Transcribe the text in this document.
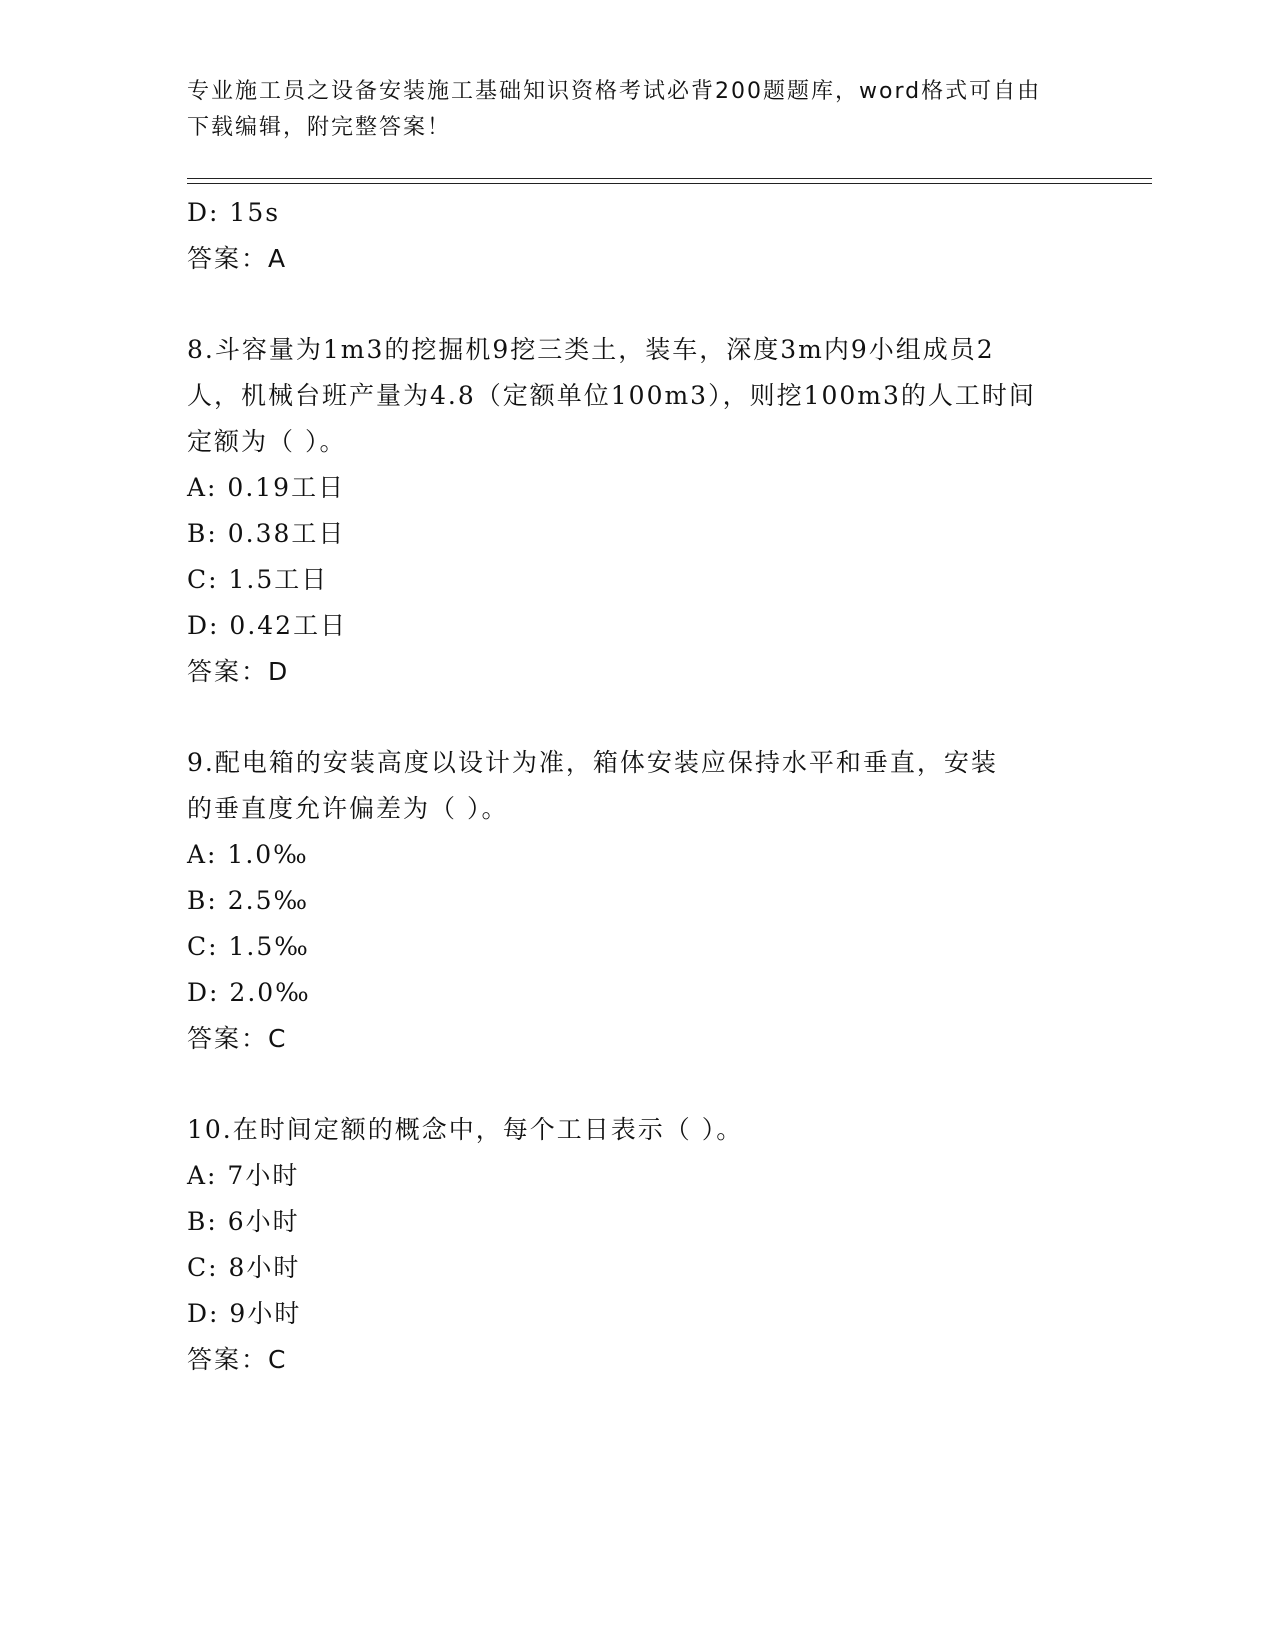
专业施工员之设备安装施工基础知识资格考试必背200题题库，word格式可自由
下载编辑，附完整答案！
D: 15s
答案：A
8.斗容量为1m3的挖掘机9挖三类土，装车，深度3m内9小组成员2
人，机械台班产量为4.8（定额单位100m3），则挖100m3的人工时间
定额为（ ）。
A: 0.19工日
B: 0.38工日
C: 1.5工日
D: 0.42工日
答案：D
9.配电箱的安装高度以设计为准，箱体安装应保持水平和垂直，安装
的垂直度允许偏差为（ ）。
A: 1.0‰
B: 2.5‰
C: 1.5‰
D: 2.0‰
答案：C
10.在时间定额的概念中，每个工日表示（ ）。
A: 7小时
B: 6小时
C: 8小时
D: 9小时
答案：C
